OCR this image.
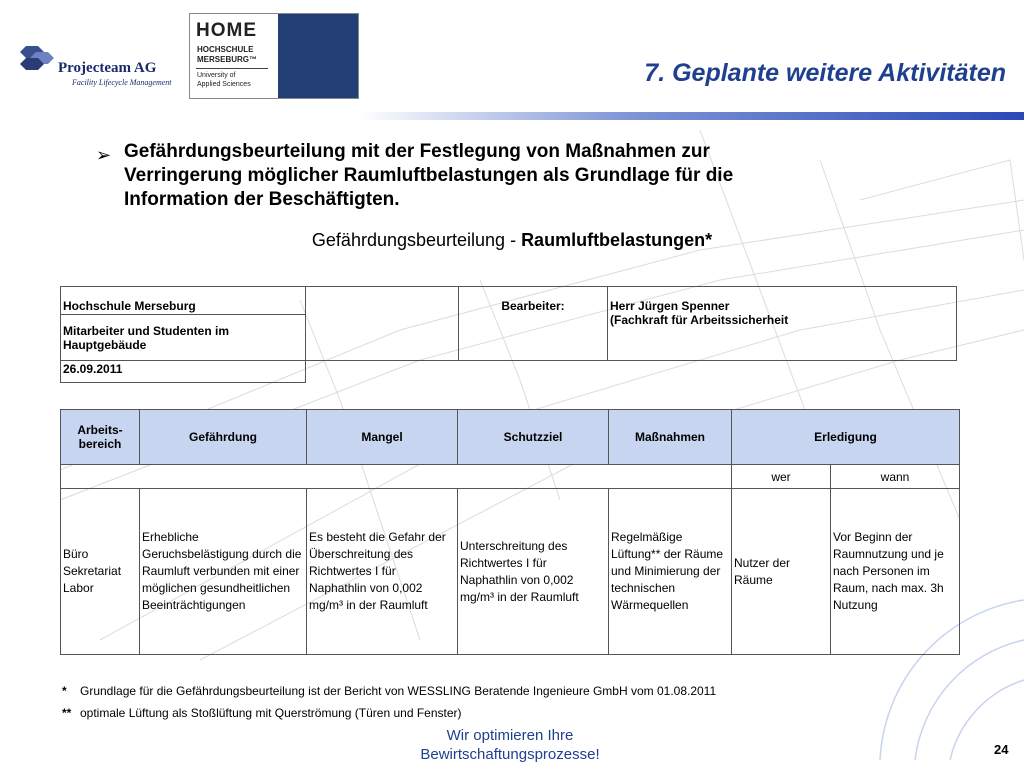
Projecteam AG
Facility Lifecycle Management
HOME
HOCHSCHULE
MERSEBURG™
University of
Applied Sciences	7. Geplante weitere Aktivitäten
➢ Gefährdungsbeurteilung mit der Festlegung von Maßnahmen zur
Verringerung möglicher Raumluftbelastungen als Grundlage für die
Information der Beschäftigten.
Gefährdungsbeurteilung - Raumluftbelastungen*
Hochschule Merseburg		Bearbeiter:	Herr Jürgen Spenner
(Fachkraft für Arbeitssicherheit

Mitarbeiter und Studenten im Hauptgebäude			
26.09.2011			
Arbeits-bereich	Gefährdung	Mangel	Schutzziel	Maßnahmen	Erledigung	
					wer	wann
Büro Sekretariat Labor	Erhebliche Geruchsbelästigung durch die Raumluft verbunden mit einer möglichen gesundheitlichen Beeinträchtigungen	Es besteht die Gefahr der Überschreitung des Richtwertes I für Naphathlin von 0,002 mg/m³ in der Raumluft	Unterschreitung des Richtwertes I für Naphathlin von 0,002 mg/m³ in der Raumluft	Regelmäßige Lüftung** der Räume und Minimierung der technischen Wärmequellen	Nutzer der Räume	Vor Beginn der Raumnutzung und je nach Personen im Raum, nach max. 3h Nutzung
* Grundlage für die Gefährdungsbeurteilung ist der Bericht von WESSLING Beratende Ingenieure GmbH vom 01.08.2011
** optimale Lüftung als Stoßlüftung mit Querströmung (Türen und Fenster)
Wir optimieren Ihre
Bewirtschaftungsprozesse!	24
